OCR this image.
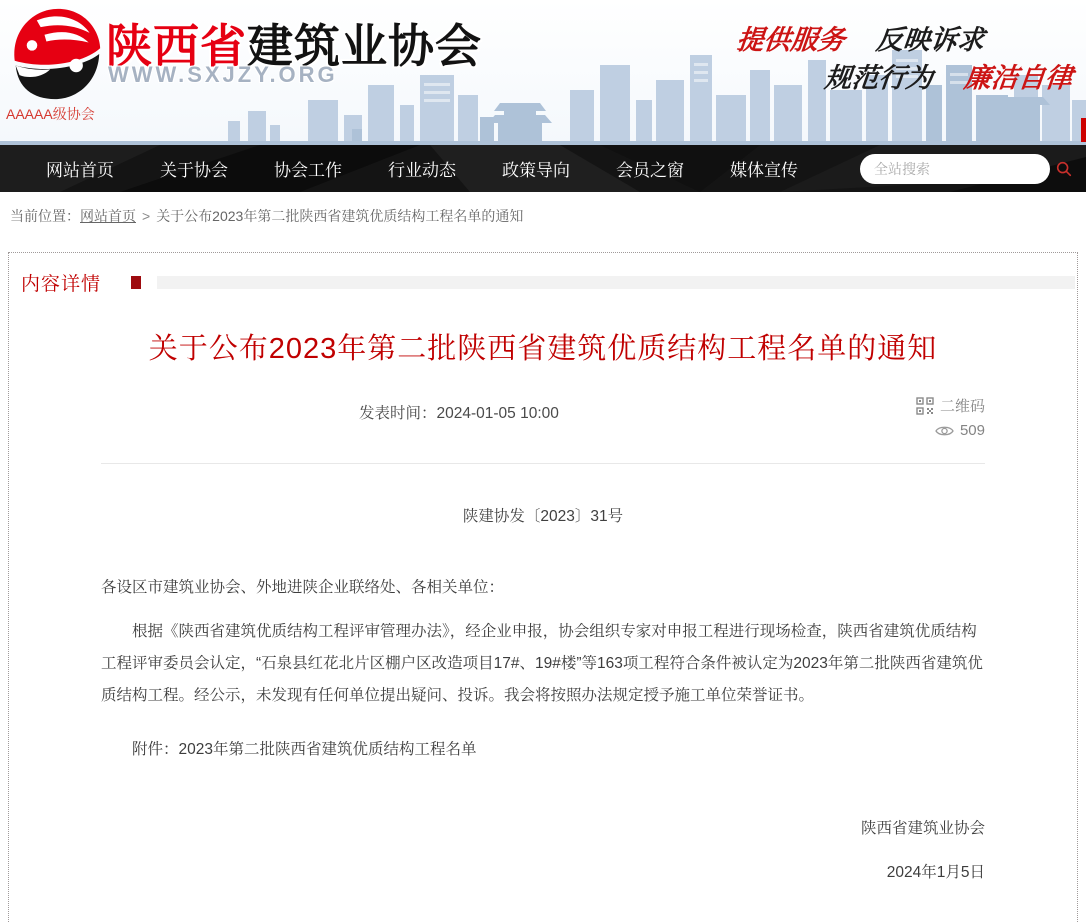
陕西省建筑业协会
WWW.SXJZY.ORG
AAAAA级协会
提供服务 反映诉求
规范行为 廉洁自律
网站首页	关于协会	协会工作	行业动态	政策导向	会员之窗	媒体宣传
全站搜索
当前位置：网站首页 > 关于公布2023年第二批陕西省建筑优质结构工程名单的通知
内容详情
关于公布2023年第二批陕西省建筑优质结构工程名单的通知
发表时间：2024-01-05 10:00	二维码
509
陕建协发〔2023〕31号
各设区市建筑业协会、外地进陕企业联络处、各相关单位：
根据《陕西省建筑优质结构工程评审管理办法》，经企业申报，协会组织专家对申报工程进行现场检查，陕西省建筑优质结构工程评审委员会认定，“石泉县红花北片区棚户区改造项目17#、19#楼”等163项工程符合条件被认定为2023年第二批陕西省建筑优质结构工程。经公示，未发现有任何单位提出疑问、投诉。我会将按照办法规定授予施工单位荣誉证书。
附件：2023年第二批陕西省建筑优质结构工程名单
陕西省建筑业协会
2024年1月5日
